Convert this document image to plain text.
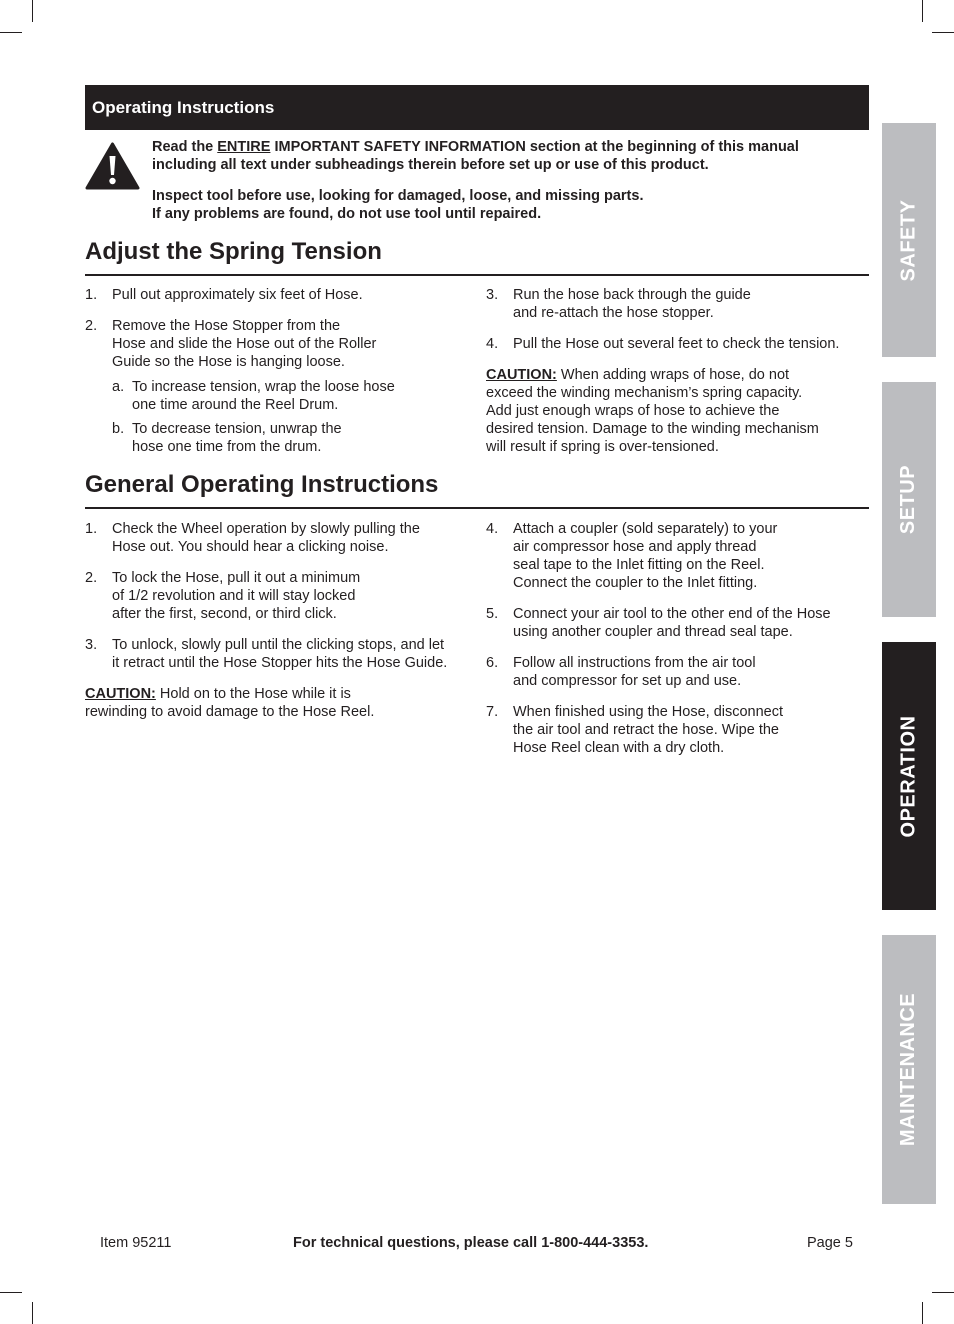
Operating Instructions

Read the ENTIRE IMPORTANT SAFETY INFORMATION section at the beginning of this manual including all text under subheadings therein before set up or use of this product.

Inspect tool before use, looking for damaged, loose, and missing parts.
If any problems are found, do not use tool until repaired.

Adjust the Spring Tension
1.	Pull out approximately six feet of Hose.
2.	Remove the Hose Stopper from the
Hose and slide the Hose out of the Roller
Guide so the Hose is hanging loose.
a. To increase tension, wrap the loose hose
one time around the Reel Drum.
b. To decrease tension, unwrap the
hose one time from the drum.
3.	Run the hose back through the guide
and re-attach the hose stopper.
4.	Pull the Hose out several feet to check the tension.
CAUTION: When adding wraps of hose, do not
exceed the winding mechanism’s spring capacity.
Add just enough wraps of hose to achieve the
desired tension. Damage to the winding mechanism
will result if spring is over-tensioned.
General Operating Instructions
1.	Check the Wheel operation by slowly pulling the
Hose out. You should hear a clicking noise.
2.	To lock the Hose, pull it out a minimum
of 1/2 revolution and it will stay locked
after the first, second, or third click.
3.	To unlock, slowly pull until the clicking stops, and let
it retract until the Hose Stopper hits the Hose Guide.
CAUTION: Hold on to the Hose while it is
rewinding to avoid damage to the Hose Reel.
4.	Attach a coupler (sold separately) to your
air compressor hose and apply thread
seal tape to the Inlet fitting on the Reel.
Connect the coupler to the Inlet fitting.
5.	Connect your air tool to the other end of the Hose
using another coupler and thread seal tape.
6.	Follow all instructions from the air tool
and compressor for set up and use.
7.	When finished using the Hose, disconnect
the air tool and retract the hose. Wipe the
Hose Reel clean with a dry cloth.
SAFETY
SETUP
OPERATION
MAINTENANCE
Item 95211	For technical questions, please call 1-800-444-3353.	Page 5
